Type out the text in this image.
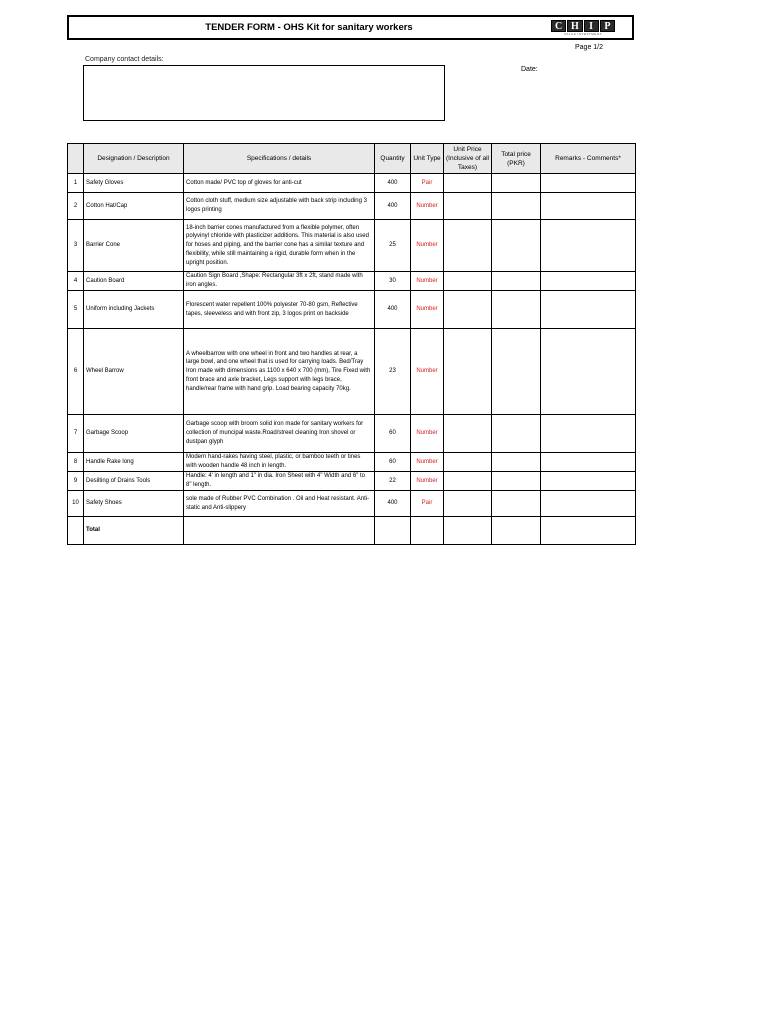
TENDER FORM - OHS Kit for sanitary workers	C H	I	P
VALUE INVESTMENT
Page 1/2
Company contact details:
Date:
	Designation / Description	Specifications / details	Quantity	Unit Type	Unit Price (Inclusive of all Taxes)	Total price (PKR)	Remarks - Comments*
1	Safety Gloves	Cotton made/ PVC top of gloves for anti-cut	400	Pair			
2	Cotton Hat/Cap	Cotton cloth stuff, medium size adjustable with back strip including 3 logos printing	400	Number			
3	Barrier Cone	18-inch barrier cones manufactured from a flexible polymer, often polyvinyl chloride with plasticizer additions. This material is also used for hoses and piping, and the barrier cone has a similar texture and flexibility, while still maintaining a rigid, durable form when in the upright position.	25	Number			
4	Caution Board	Caution Sign Board ,Shape: Rectangular 3ft x 2ft, stand made with iron angles.	30	Number			
5	Uniform including Jackets	Florescent water repellent 100% polyester 70-80 gsm, Reflective tapes, sleeveless and with front zip, 3 logos print on backside	400	Number			
6	Wheel Barrow	A wheelbarrow with one wheel in front and two handles at rear, a large bowl, and one wheel that is used for carrying loads. Bed/Tray Iron made with dimensions as 1100 x 640 x 700 (mm), Tire Fixed with front brace and axle bracket, Legs support with legs brace, handle/rear frame with hand grip. Load bearing capacity 70kg.	23	Number			
7	Garbage Scoop	Garbage scoop with broom solid iron made for sanitary workers for collection of muncipal waste.Road/street cleaning Iron shovel or dustpan glyph	60	Number			
8	Handle Rake long	Modern hand-rakes having steel, plastic, or bamboo teeth or tines with wooden handle 48 inch in length.	60	Number			
9	Desilting of Drains Tools	Handle: 4' in length and 1" in dia. Iron Sheet with 4" Width and 6" to 8" length.	22	Number			
10	Safety Shoes	sole made of Rubber PVC Combination . Oil and Heat resistant. Anti-static and Anti-slippery	400	Pair			
	Total						
